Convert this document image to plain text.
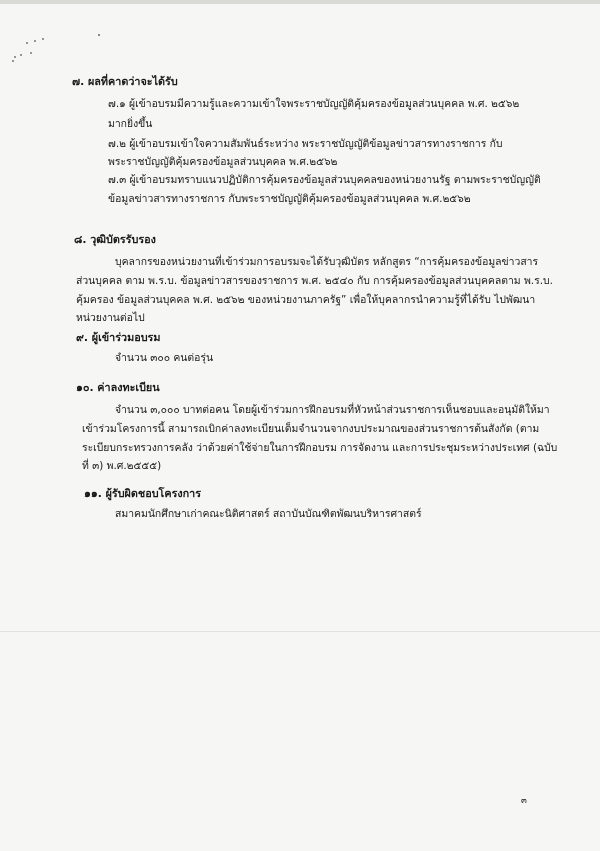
๗. ผลที่คาดว่าจะได้รับ
๗.๑ ผู้เข้าอบรมมีความรู้และความเข้าใจพระราชบัญญัติคุ้มครองข้อมูลส่วนบุคคล พ.ศ. ๒๕๖๒
มากยิ่งขึ้น
๗.๒ ผู้เข้าอบรมเข้าใจความสัมพันธ์ระหว่าง พระราชบัญญัติข้อมูลข่าวสารทางราชการ กับ
พระราชบัญญัติคุ้มครองข้อมูลส่วนบุคคล พ.ศ.๒๕๖๒
๗.๓ ผู้เข้าอบรมทราบแนวปฏิบัติการคุ้มครองข้อมูลส่วนบุคคลของหน่วยงานรัฐ ตามพระราชบัญญัติ
ข้อมูลข่าวสารทางราชการ กับพระราชบัญญัติคุ้มครองข้อมูลส่วนบุคคล พ.ศ.๒๕๖๒
๘. วุฒิบัตรรับรอง
บุคลากรของหน่วยงานที่เข้าร่วมการอบรมจะได้รับวุฒิบัตร หลักสูตร “การคุ้มครองข้อมูลข่าวสาร
ส่วนบุคคล ตาม พ.ร.บ. ข้อมูลข่าวสารของราชการ พ.ศ. ๒๕๔๐ กับ การคุ้มครองข้อมูลส่วนบุคคลตาม พ.ร.บ.
คุ้มครอง ข้อมูลส่วนบุคคล พ.ศ. ๒๕๖๒ ของหน่วยงานภาครัฐ” เพื่อให้บุคลากรนำความรู้ที่ได้รับ ไปพัฒนา
หน่วยงานต่อไป
๙. ผู้เข้าร่วมอบรม
จำนวน ๓๐๐ คนต่อรุ่น
๑๐. ค่าลงทะเบียน
จำนวน ๓,๐๐๐ บาทต่อคน โดยผู้เข้าร่วมการฝึกอบรมที่หัวหน้าส่วนราชการเห็นชอบและอนุมัติให้มา
เข้าร่วมโครงการนี้ สามารถเบิกค่าลงทะเบียนเต็มจำนวนจากงบประมาณของส่วนราชการต้นสังกัด (ตาม
ระเบียบกระทรวงการคลัง ว่าด้วยค่าใช้จ่ายในการฝึกอบรม การจัดงาน และการประชุมระหว่างประเทศ (ฉบับ
ที่ ๓) พ.ศ.๒๕๕๕)
๑๑. ผู้รับผิดชอบโครงการ
สมาคมนักศึกษาเก่าคณะนิติศาสตร์ สถาบันบัณฑิตพัฒนบริหารศาสตร์
๓
